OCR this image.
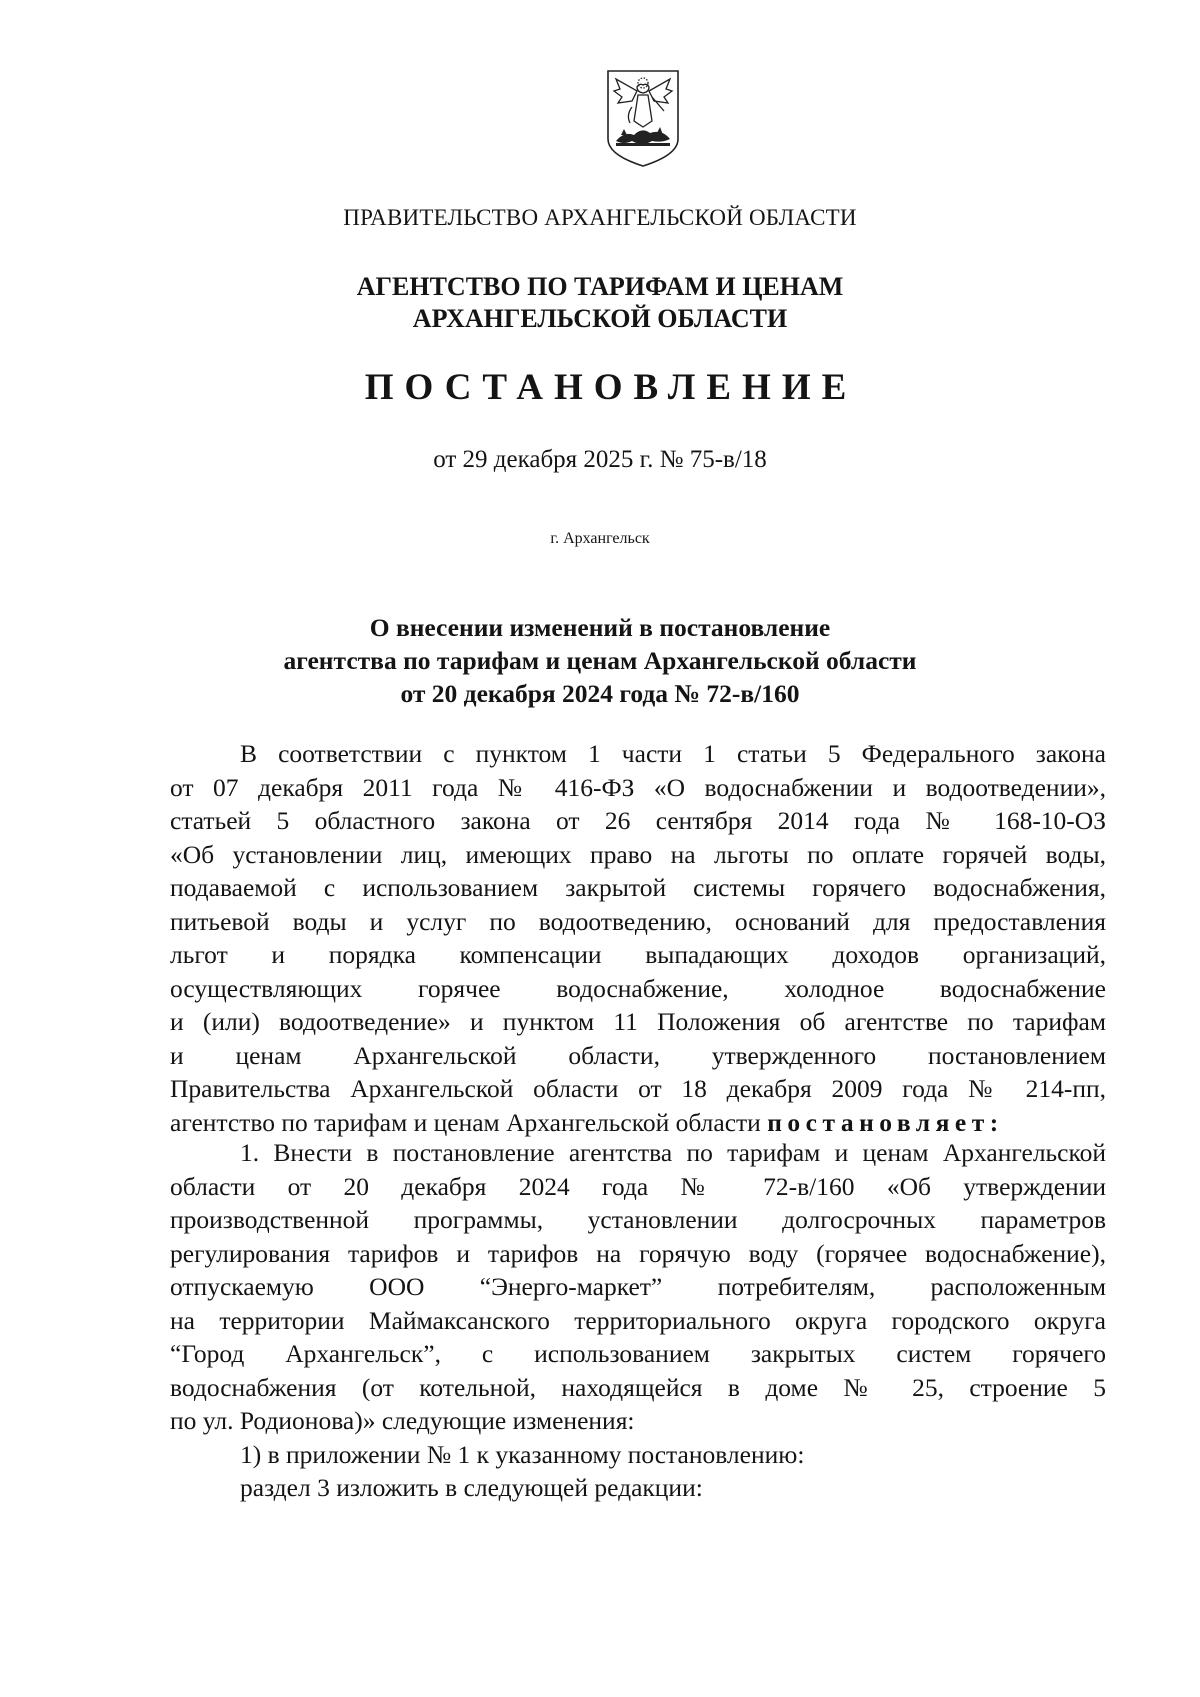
ПРАВИТЕЛЬСТВО АРХАНГЕЛЬСКОЙ ОБЛАСТИ
АГЕНТСТВО ПО ТАРИФАМ И ЦЕНАМ
АРХАНГЕЛЬСКОЙ ОБЛАСТИ
ПОСТАНОВЛЕНИЕ
от 29 декабря 2025 г. № 75-в/18
г. Архангельск
О внесении изменений в постановление
агентства по тарифам и ценам Архангельской области
от 20 декабря 2024 года № 72-в/160
В соответствии с пунктом 1 части 1 статьи 5 Федерального закона
от 07 декабря 2011 года № 416-ФЗ «О водоснабжении и водоотведении»,
статьей 5 областного закона от 26 сентября 2014 года № 168-10-ОЗ
«Об установлении лиц, имеющих право на льготы по оплате горячей воды,
подаваемой с использованием закрытой системы горячего водоснабжения,
питьевой воды и услуг по водоотведению, оснований для предоставления
льгот и порядка компенсации выпадающих доходов организаций,
осуществляющих горячее водоснабжение, холодное водоснабжение
и (или) водоотведение» и пунктом 11 Положения об агентстве по тарифам
и ценам Архангельской области, утвержденного постановлением
Правительства Архангельской области от 18 декабря 2009 года № 214-пп,
агентство по тарифам и ценам Архангельской области постановляет:
1. Внести в постановление агентства по тарифам и ценам Архангельской
области от 20 декабря 2024 года № 72-в/160 «Об утверждении
производственной программы, установлении долгосрочных параметров
регулирования тарифов и тарифов на горячую воду (горячее водоснабжение),
отпускаемую ООО “Энерго-маркет” потребителям, расположенным
на территории Маймаксанского территориального округа городского округа
“Город Архангельск”, с использованием закрытых систем горячего
водоснабжения (от котельной, находящейся в доме № 25, строение 5
по ул. Родионова)» следующие изменения:
1) в приложении № 1 к указанному постановлению:
раздел 3 изложить в следующей редакции:
